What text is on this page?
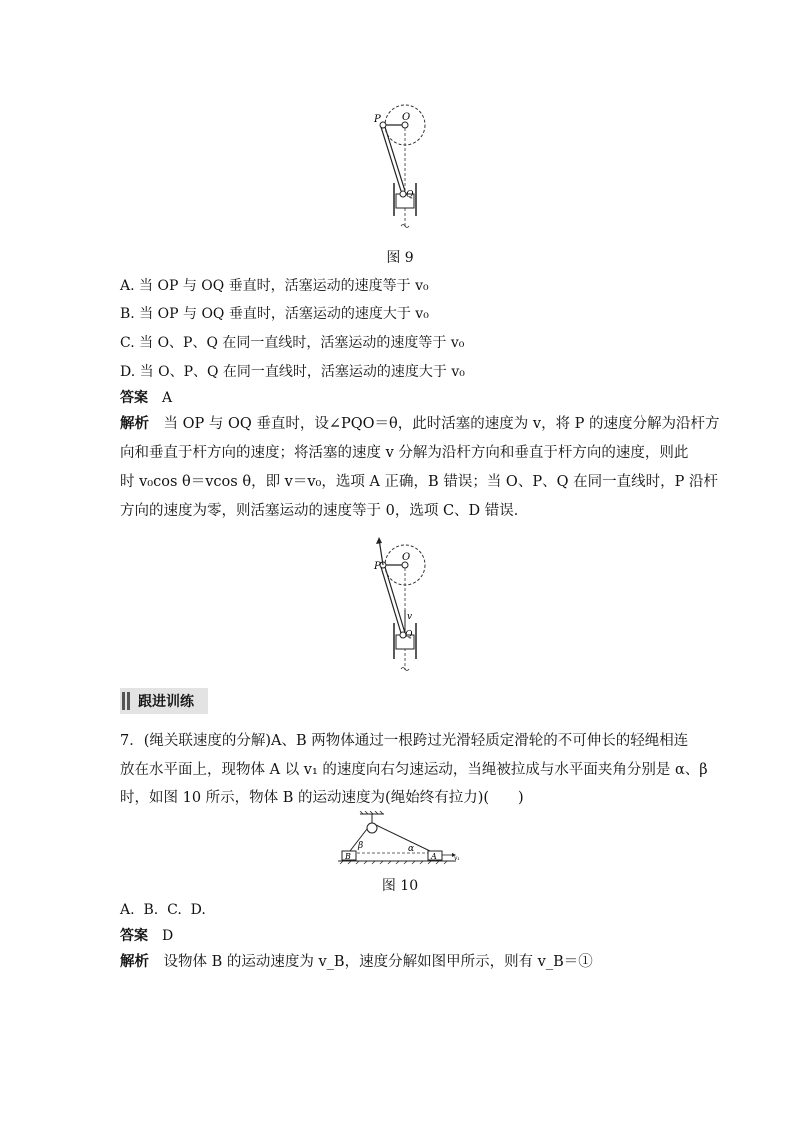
P O
Q
图 9
A. 当 OP 与 OQ 垂直时，活塞运动的速度等于 v₀
B. 当 OP 与 OQ 垂直时，活塞运动的速度大于 v₀
C. 当 O、P、Q 在同一直线时，活塞运动的速度等于 v₀
D. 当 O、P、Q 在同一直线时，活塞运动的速度大于 v₀
答案　 A
解析　 当 OP 与 OQ 垂直时，设∠PQO＝θ，此时活塞的速度为 v，将 P 的速度分解为沿杆方
向和垂直于杆方向的速度；将活塞的速度 v 分解为沿杆方向和垂直于杆方向的速度，则此
时 v₀cos θ＝vcos θ，即 v＝v₀，选项 A 正确，B 错误；当 O、P、Q 在同一直线时，P 沿杆
方向的速度为零，则活塞运动的速度等于 0，选项 C、D 错误．
P
O
v
Q
跟进训练
7．(绳关联速度的分解)A、B 两物体通过一根跨过光滑轻质定滑轮的不可伸长的轻绳相连
放在水平面上，现物体 A 以 v₁ 的速度向右匀速运动，当绳被拉成与水平面夹角分别是 α、β
时，如图 10 所示，物体 B 的运动速度为(绳始终有拉力)(　　)
β	α
B	A	v₁
图 10
A.  B.  C.  D.
答案　 D
解析　 设物体 B 的运动速度为 v_B，速度分解如图甲所示，则有 v_B＝①
